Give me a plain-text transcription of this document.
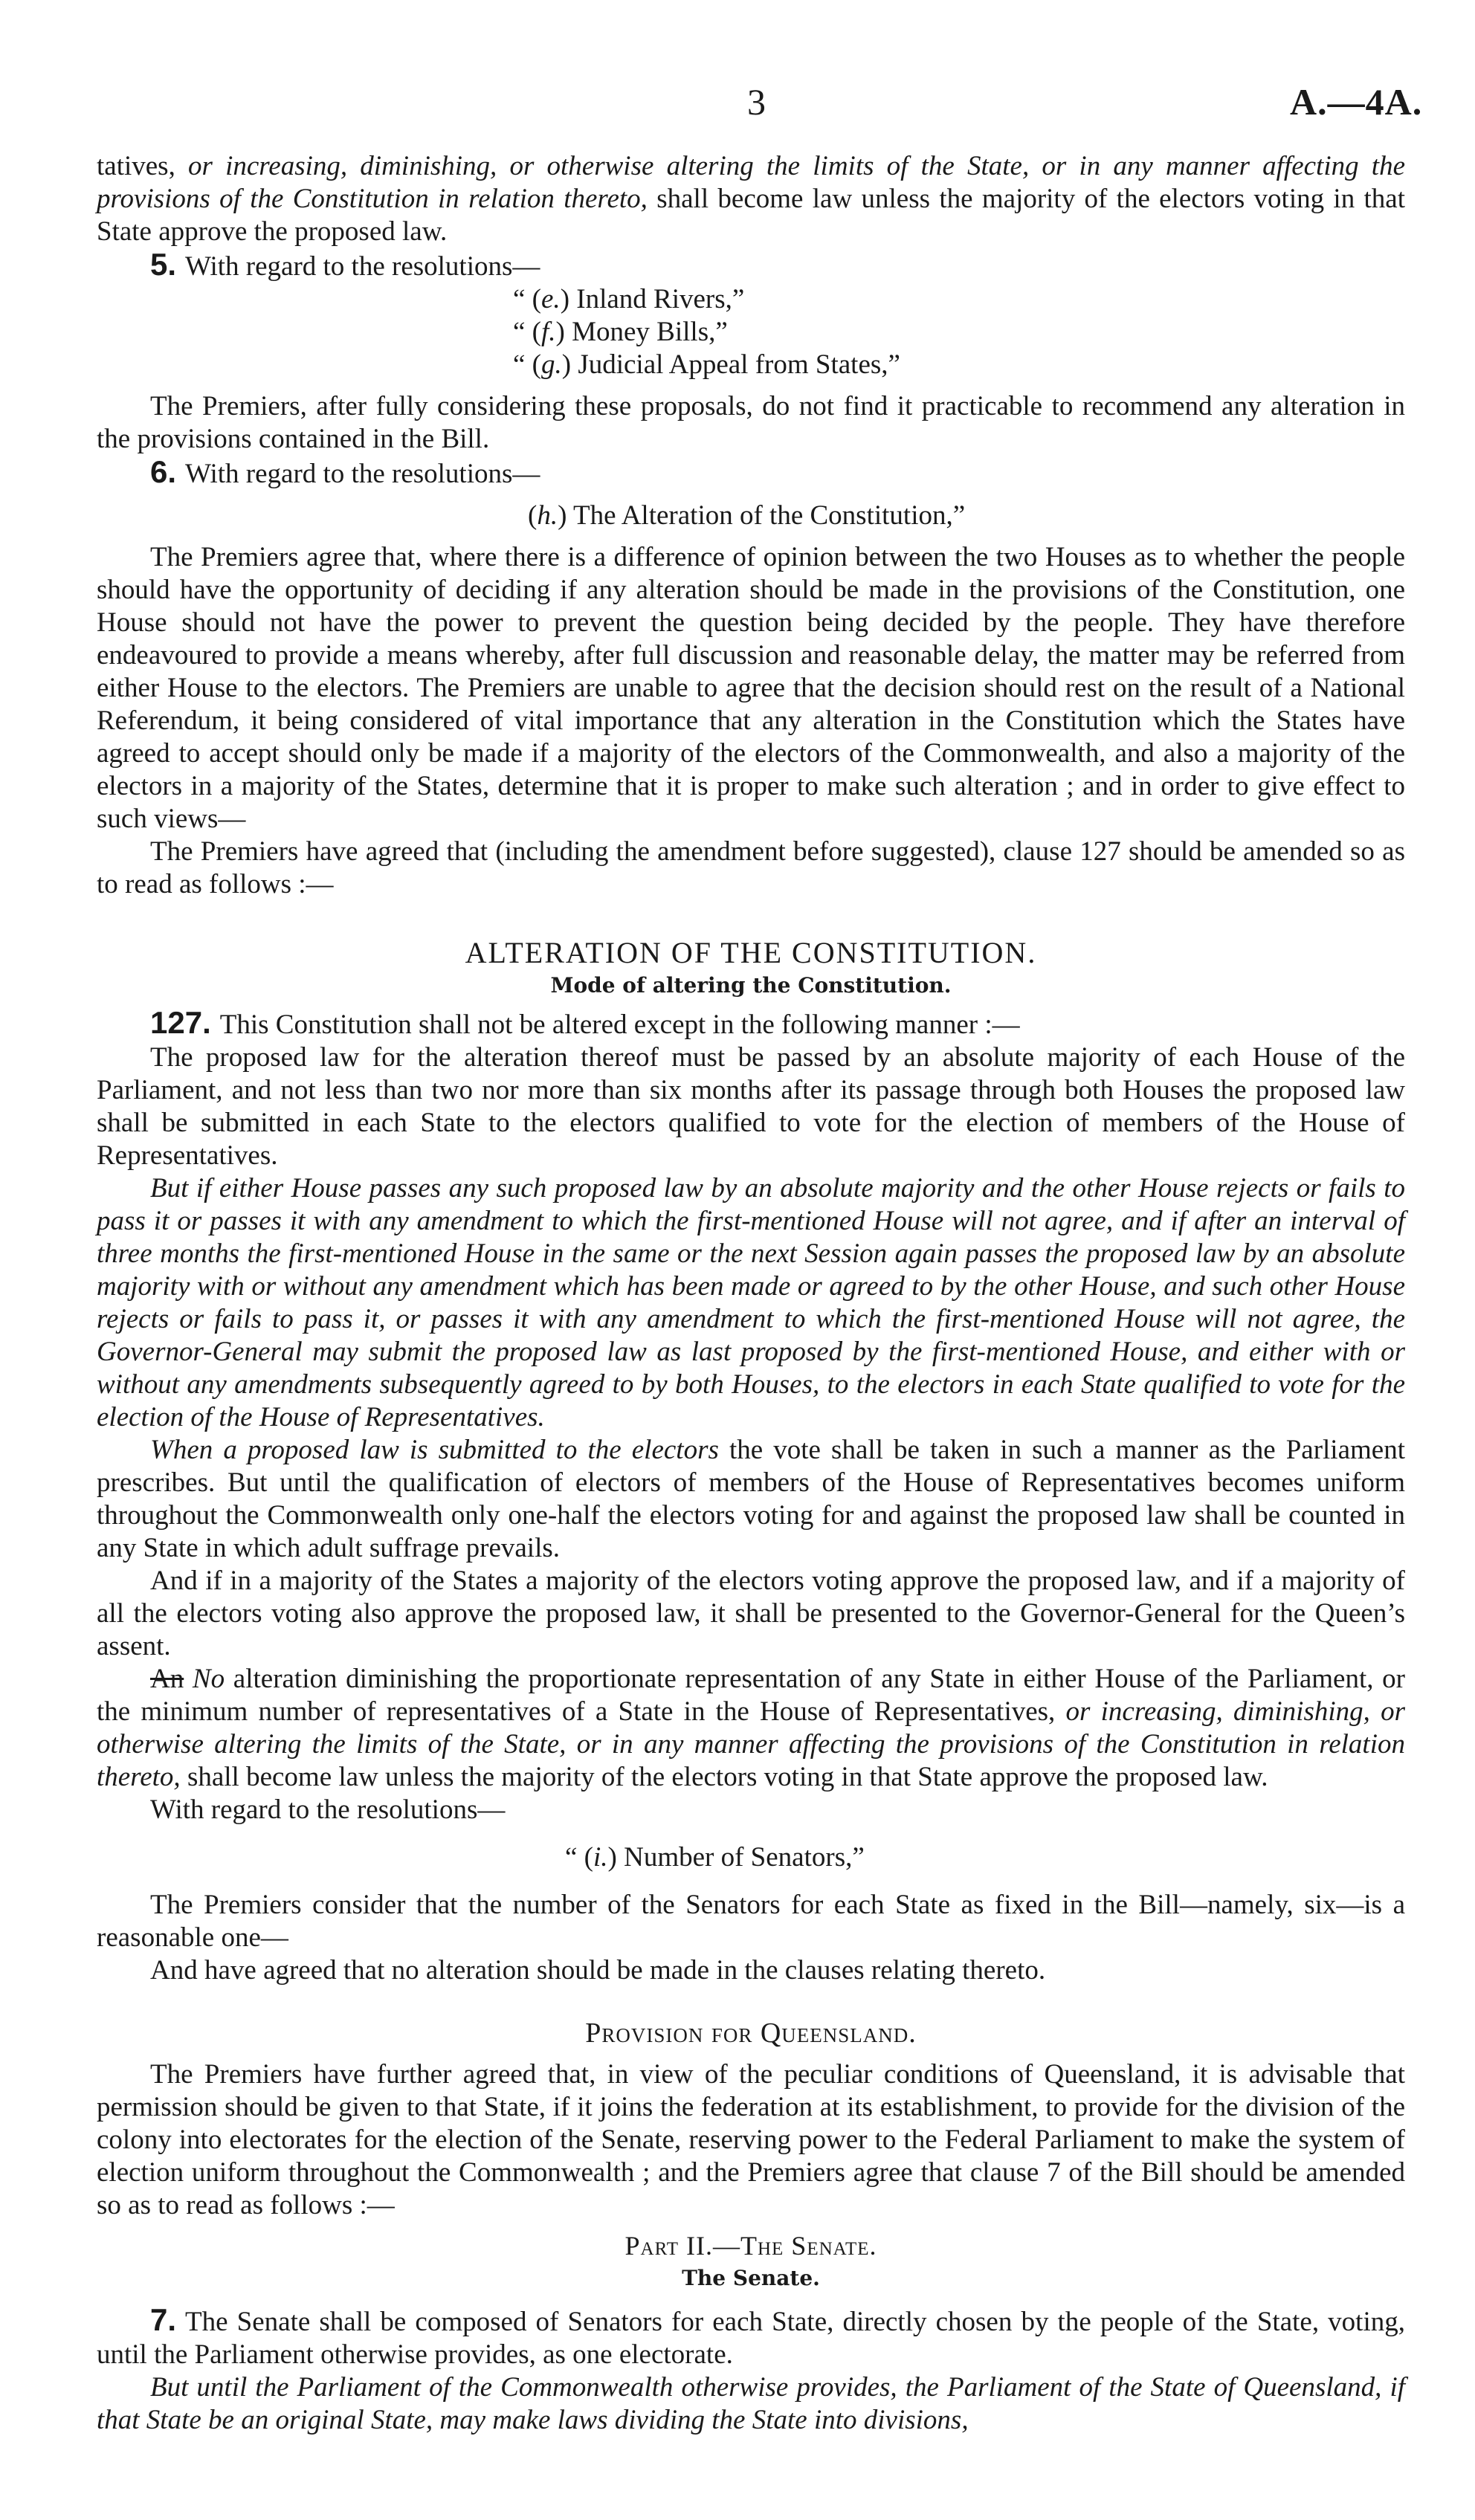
3	A.—4A.

tatives, or increasing, diminishing, or otherwise altering the limits of the State, or in any manner affecting the provisions of the Constitution in relation thereto, shall become law unless the majority of the electors voting in that State approve the proposed law.

5. With regard to the resolutions—

“ (e.) Inland Rivers,”

“ (f.) Money Bills,”

“ (g.) Judicial Appeal from States,”

The Premiers, after fully considering these proposals, do not find it practicable to recommend any alteration in the provisions contained in the Bill.

6. With regard to the resolutions—

(h.) The Alteration of the Constitution,”

The Premiers agree that, where there is a difference of opinion between the two Houses as to whether the people should have the opportunity of deciding if any alteration should be made in the provisions of the Constitution, one House should not have the power to prevent the question being decided by the people. They have therefore endeavoured to provide a means whereby, after full discussion and reasonable delay, the matter may be referred from either House to the electors. The Premiers are unable to agree that the decision should rest on the result of a National Referendum, it being considered of vital importance that any alteration in the Constitution which the States have agreed to accept should only be made if a majority of the electors of the Commonwealth, and also a majority of the electors in a majority of the States, determine that it is proper to make such alteration ; and in order to give effect to such views—

The Premiers have agreed that (including the amendment before suggested), clause 127 should be amended so as to read as follows :—

ALTERATION OF THE CONSTITUTION.

Mode of altering the Constitution.

127. This Constitution shall not be altered except in the following manner :—

The proposed law for the alteration thereof must be passed by an absolute majority of each House of the Parliament, and not less than two nor more than six months after its passage through both Houses the proposed law shall be submitted in each State to the electors qualified to vote for the election of members of the House of Representatives.

But if either House passes any such proposed law by an absolute majority and the other House rejects or fails to pass it or passes it with any amendment to which the first-mentioned House will not agree, and if after an interval of three months the first-mentioned House in the same or the next Session again passes the proposed law by an absolute majority with or without any amendment which has been made or agreed to by the other House, and such other House rejects or fails to pass it, or passes it with any amendment to which the first-mentioned House will not agree, the Governor-General may submit the proposed law as last proposed by the first-mentioned House, and either with or without any amendments subsequently agreed to by both Houses, to the electors in each State qualified to vote for the election of the House of Representatives.

When a proposed law is submitted to the electors the vote shall be taken in such a manner as the Parliament prescribes. But until the qualification of electors of members of the House of Representatives becomes uniform throughout the Commonwealth only one-half the electors voting for and against the proposed law shall be counted in any State in which adult suffrage prevails.

And if in a majority of the States a majority of the electors voting approve the proposed law, and if a majority of all the electors voting also approve the proposed law, it shall be presented to the Governor-General for the Queen’s assent.

An No alteration diminishing the proportionate representation of any State in either House of the Parliament, or the minimum number of representatives of a State in the House of Representatives, or increasing, diminishing, or otherwise altering the limits of the State, or in any manner affecting the provisions of the Constitution in relation thereto, shall become law unless the majority of the electors voting in that State approve the proposed law.

With regard to the resolutions—

“ (i.) Number of Senators,”

The Premiers consider that the number of the Senators for each State as fixed in the Bill—namely, six—is a reasonable one—

And have agreed that no alteration should be made in the clauses relating thereto.

Provision for Queensland.

The Premiers have further agreed that, in view of the peculiar conditions of Queensland, it is advisable that permission should be given to that State, if it joins the federation at its establishment, to provide for the division of the colony into electorates for the election of the Senate, reserving power to the Federal Parliament to make the system of election uniform throughout the Commonwealth ; and the Premiers agree that clause 7 of the Bill should be amended so as to read as follows :—

Part II.—The Senate.

The Senate.

7. The Senate shall be composed of Senators for each State, directly chosen by the people of the State, voting, until the Parliament otherwise provides, as one electorate.

But until the Parliament of the Commonwealth otherwise provides, the Parliament of the State of Queensland, if that State be an original State, may make laws dividing the State into divisions,
